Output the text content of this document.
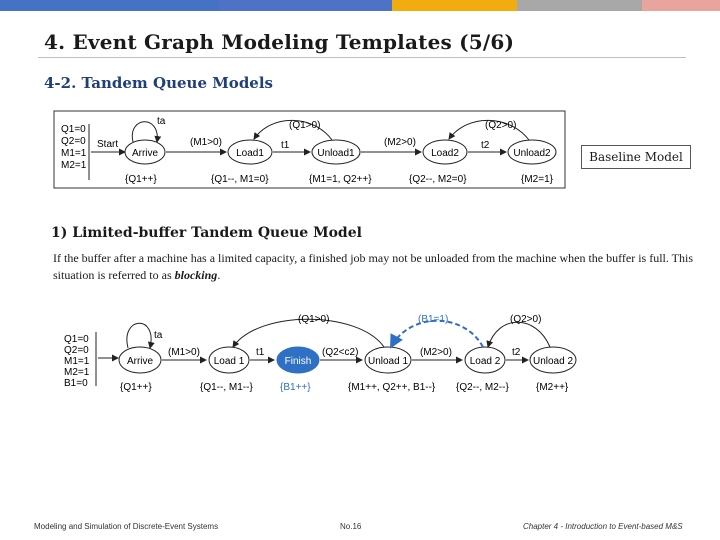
4. Event Graph Modeling Templates (5/6)
4-2. Tandem Queue Models
Q1=0
Q2=0
M1=1
M2=1
Start
ta
Arrive	Load1	Unload1	Load2	Unload2
(M1>0)	t1	(M2>0)	t2
(Q1>0)	(Q2>0)
{Q1++}	{Q1--, M1=0}	{M1=1, Q2++}	{Q2--, M2=0}	{M2=1}
Baseline Model
1) Limited-buffer Tandem Queue Model
If the buffer after a machine has a limited capacity, a finished job may not be unloaded from the machine when the buffer is full. This situation is referred to as blocking.
Q1=0
Q2=0
M1=1
M2=1
B1=0
ta
Arrive	Load 1	Finish	Unload 1	Load 2	Unload 2
(M1>0)	t1	(Q2<c2)	(M2>0)	t2
(Q1>0)	(B1=1)	(Q2>0)
{Q1++}	{Q1--, M1--}	{B1++}	{M1++, Q2++, B1--} {Q2--, M2--}	{M2++}
Modeling and Simulation of Discrete-Event Systems	No.16	Chapter 4 - Introduction to Event-based M&S
